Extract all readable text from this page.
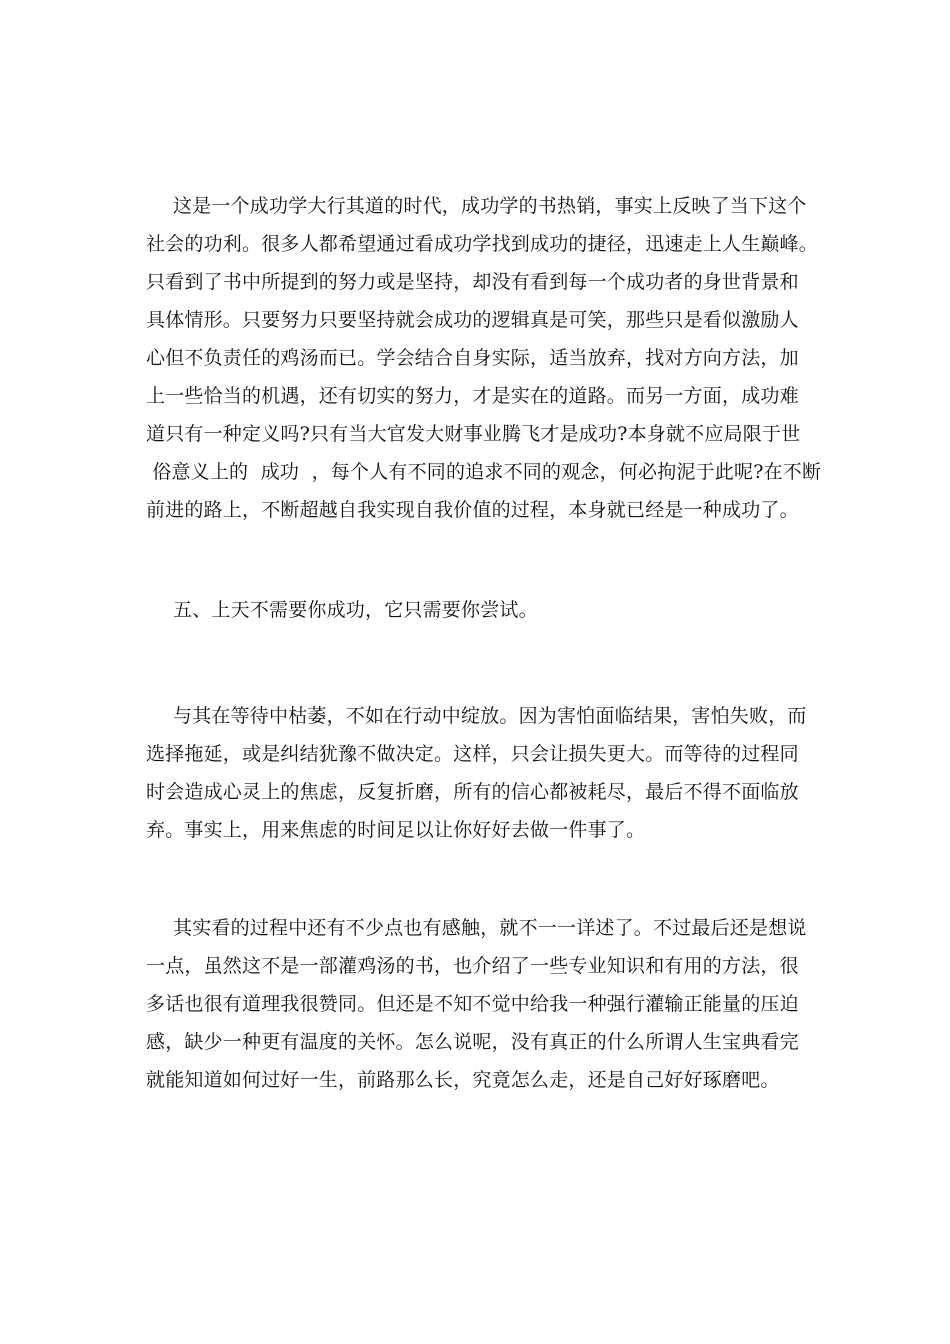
这是一个成功学大行其道的时代，成功学的书热销，事实上反映了当下这个
社会的功利。很多人都希望通过看成功学找到成功的捷径，迅速走上人生巅峰。
只看到了书中所提到的努力或是坚持，却没有看到每一个成功者的身世背景和
具体情形。只要努力只要坚持就会成功的逻辑真是可笑，那些只是看似激励人
心但不负责任的鸡汤而已。学会结合自身实际，适当放弃，找对方向方法，加
上一些恰当的机遇，还有切实的努力，才是实在的道路。而另一方面，成功难
道只有一种定义吗?只有当大官发大财事业腾飞才是成功?本身就不应局限于世
俗意义上的  成功  ，每个人有不同的追求不同的观念，何必拘泥于此呢?在不断
前进的路上，不断超越自我实现自我价值的过程，本身就已经是一种成功了。
五、上天不需要你成功，它只需要你尝试。
与其在等待中枯萎，不如在行动中绽放。因为害怕面临结果，害怕失败，而
选择拖延，或是纠结犹豫不做决定。这样，只会让损失更大。而等待的过程同
时会造成心灵上的焦虑，反复折磨，所有的信心都被耗尽，最后不得不面临放
弃。事实上，用来焦虑的时间足以让你好好去做一件事了。
其实看的过程中还有不少点也有感触，就不一一详述了。不过最后还是想说
一点，虽然这不是一部灌鸡汤的书，也介绍了一些专业知识和有用的方法，很
多话也很有道理我很赞同。但还是不知不觉中给我一种强行灌输正能量的压迫
感，缺少一种更有温度的关怀。怎么说呢，没有真正的什么所谓人生宝典看完
就能知道如何过好一生，前路那么长，究竟怎么走，还是自己好好琢磨吧。
